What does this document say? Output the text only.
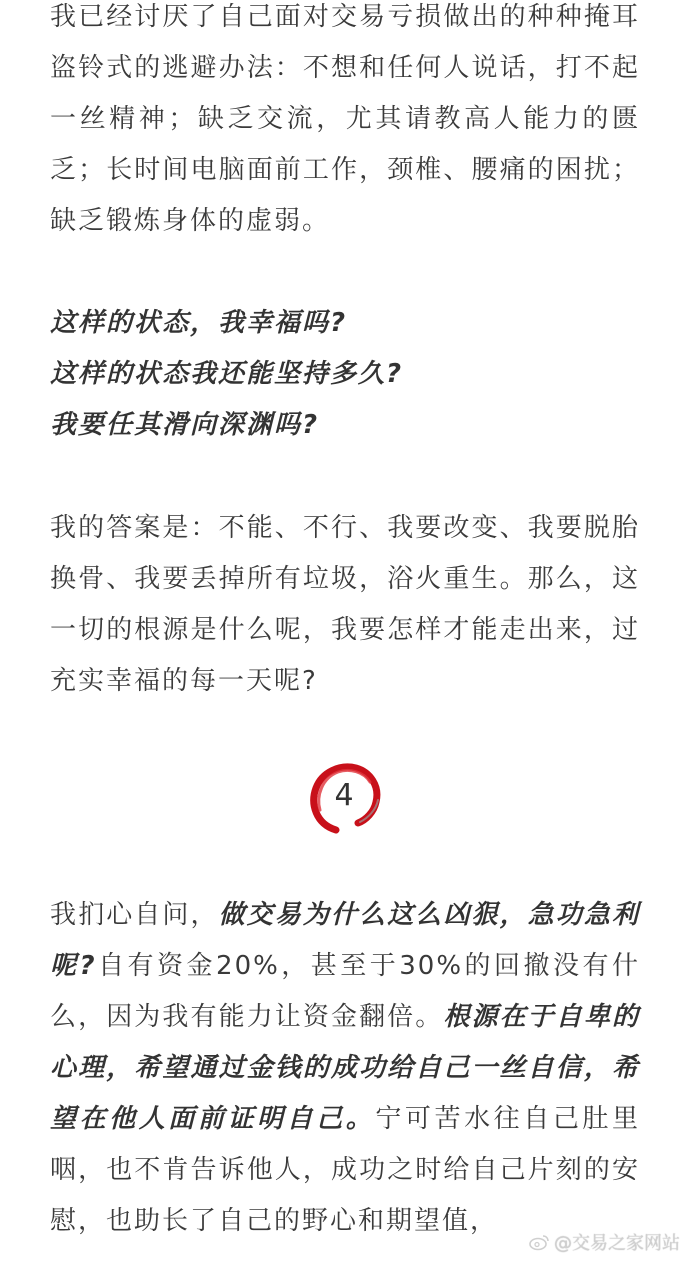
我已经讨厌了自己面对交易亏损做出的种种掩耳盗铃式的逃避办法：不想和任何人说话，打不起一丝精神；缺乏交流，尤其请教高人能力的匮乏；长时间电脑面前工作，颈椎、腰痛的困扰；缺乏锻炼身体的虚弱。

这样的状态，我幸福吗?

这样的状态我还能坚持多久?

我要任其滑向深渊吗?

我的答案是：不能、不行、我要改变、我要脱胎换骨、我要丢掉所有垃圾，浴火重生。那么，这一切的根源是什么呢，我要怎样才能走出来，过充实幸福的每一天呢?

我扪心自问，做交易为什么这么凶狠，急功急利呢?自有资金20%，甚至于30%的回撤没有什么，因为我有能力让资金翻倍。根源在于自卑的心理，希望通过金钱的成功给自己一丝自信，希望在他人面前证明自己。宁可苦水往自己肚里咽，也不肯告诉他人，成功之时给自己片刻的安慰，也助长了自己的野心和期望值，

4
@交易之家网站
